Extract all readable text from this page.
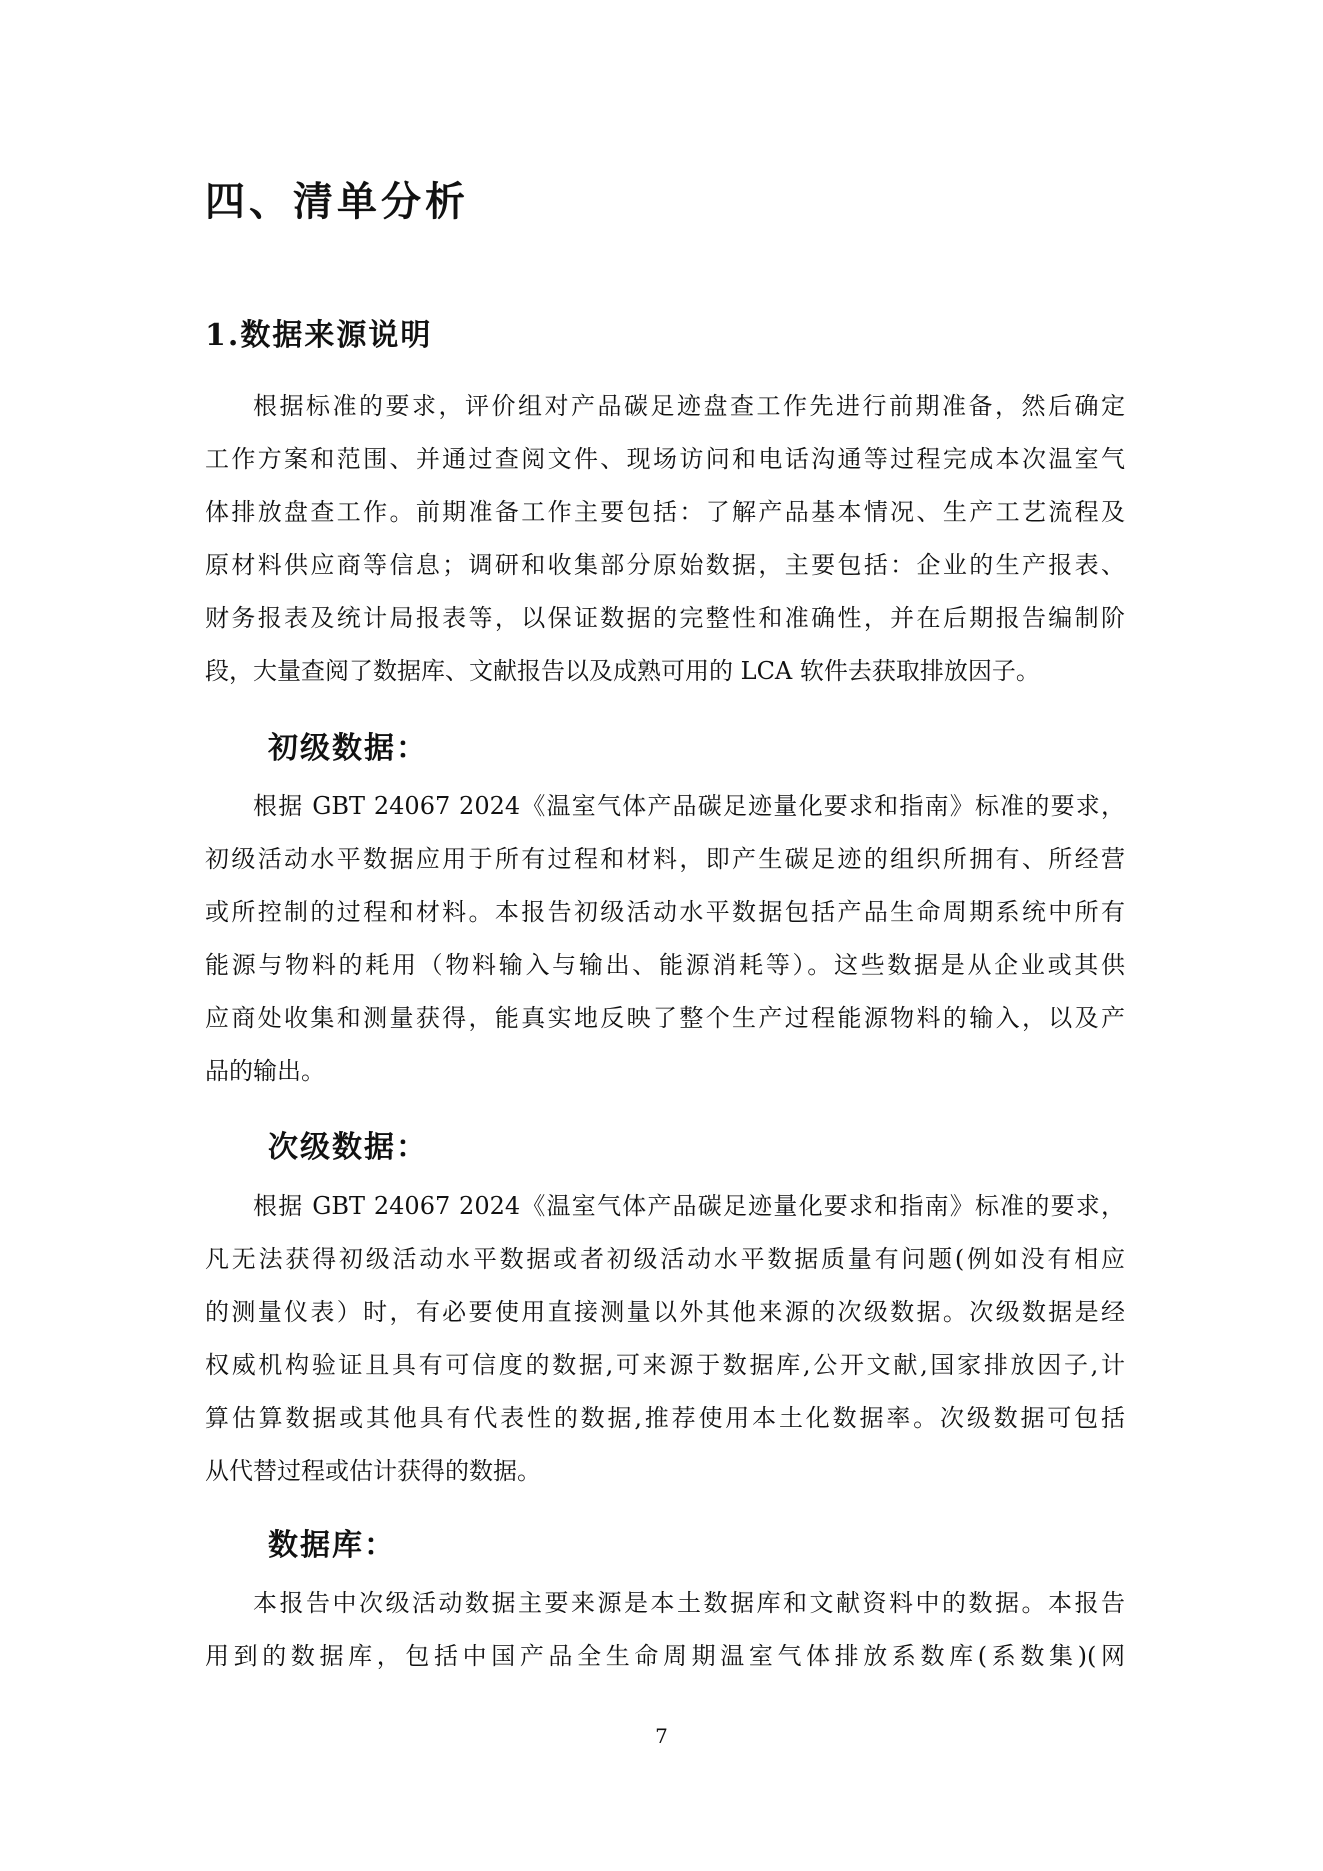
四、清单分析
1.数据来源说明
根据标准的要求，评价组对产品碳足迹盘查工作先进行前期准备，然后确定
工作方案和范围、并通过查阅文件、现场访问和电话沟通等过程完成本次温室气
体排放盘查工作。前期准备工作主要包括：了解产品基本情况、生产工艺流程及
原材料供应商等信息；调研和收集部分原始数据，主要包括：企业的生产报表、
财务报表及统计局报表等，以保证数据的完整性和准确性，并在后期报告编制阶
段，大量查阅了数据库、文献报告以及成熟可用的 LCA 软件去获取排放因子。
初级数据：
根据 GBT 24067 2024《温室气体产品碳足迹量化要求和指南》标准的要求，
初级活动水平数据应用于所有过程和材料，即产生碳足迹的组织所拥有、所经营
或所控制的过程和材料。本报告初级活动水平数据包括产品生命周期系统中所有
能源与物料的耗用（物料输入与输出、能源消耗等）。这些数据是从企业或其供
应商处收集和测量获得，能真实地反映了整个生产过程能源物料的输入，以及产
品的输出。
次级数据：
根据 GBT 24067 2024《温室气体产品碳足迹量化要求和指南》标准的要求，
凡无法获得初级活动水平数据或者初级活动水平数据质量有问题(例如没有相应
的测量仪表）时，有必要使用直接测量以外其他来源的次级数据。次级数据是经
权威机构验证且具有可信度的数据,可来源于数据库,公开文献,国家排放因子,计
算估算数据或其他具有代表性的数据,推荐使用本土化数据率。次级数据可包括
从代替过程或估计获得的数据。
数据库：
本报告中次级活动数据主要来源是本土数据库和文献资料中的数据。本报告
用到的数据库，包括中国产品全生命周期温室气体排放系数库(系数集)(网
7
